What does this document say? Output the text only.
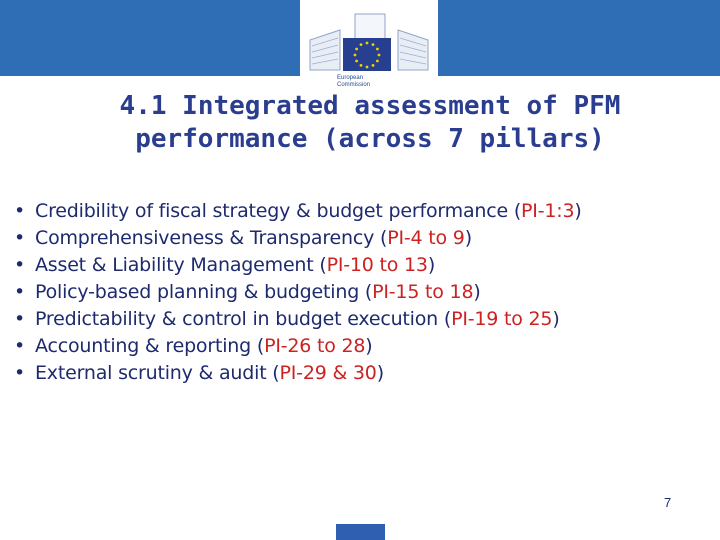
European Commission
4.1 Integrated assessment of PFM
performance (across 7 pillars)
• Credibility of fiscal strategy & budget performance (PI-1:3)
• Comprehensiveness & Transparency (PI-4 to 9)
• Asset & Liability Management (PI-10 to 13)
• Policy-based planning & budgeting (PI-15 to 18)
• Predictability & control in budget execution (PI-19 to 25)
• Accounting & reporting (PI-26 to 28)
• External scrutiny & audit (PI-29 & 30)
7
